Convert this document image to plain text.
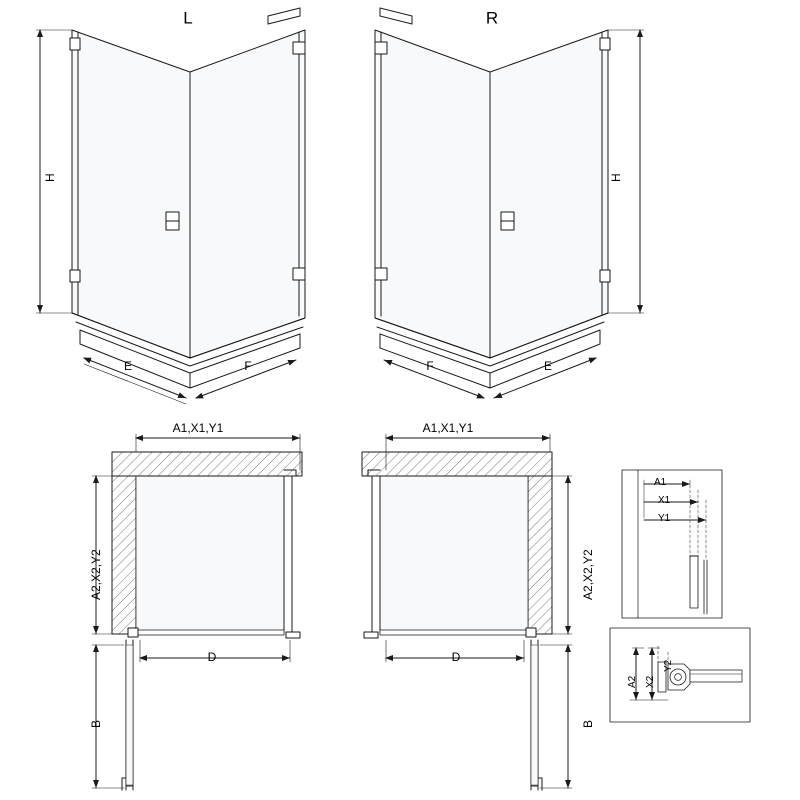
L	R
H	H
E	F	F	E
A1,X1,Y1	A1,X1,Y1
A2,X2,Y2	A2,X2,Y2
D	D
B	B
A1
X1
Y1
A2 X2
Y2
